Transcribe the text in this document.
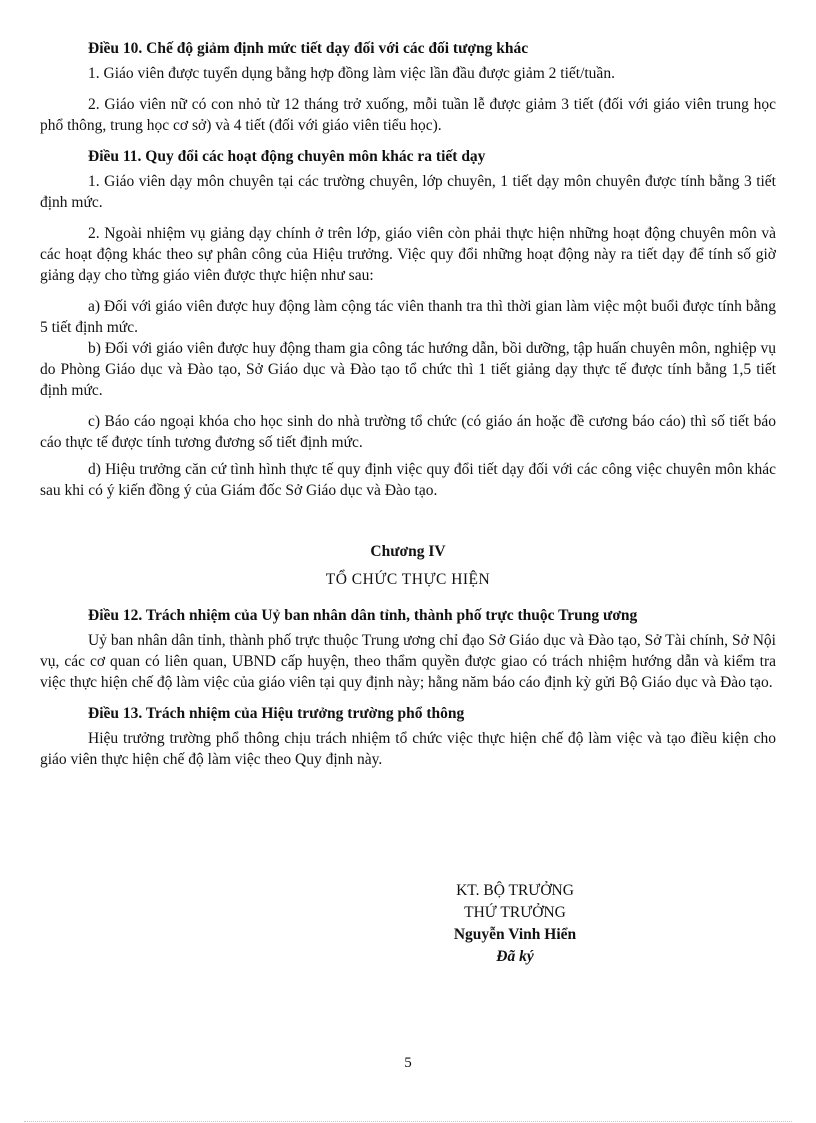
Điều 10. Chế độ giảm định mức tiết dạy đối với các đối tượng khác

1. Giáo viên được tuyển dụng bằng hợp đồng làm việc lần đầu được giảm 2 tiết/tuần.

2. Giáo viên nữ có con nhỏ từ 12 tháng trở xuống, mỗi tuần lễ được giảm 3 tiết (đối với giáo viên trung học phổ thông, trung học cơ sở) và 4 tiết (đối với giáo viên tiểu học).

Điều 11. Quy đổi các hoạt động chuyên môn khác ra tiết dạy

1. Giáo viên dạy môn chuyên tại các trường chuyên, lớp chuyên, 1 tiết dạy môn chuyên được tính bằng 3 tiết định mức.

2. Ngoài nhiệm vụ giảng dạy chính ở trên lớp, giáo viên còn phải thực hiện những hoạt động chuyên môn và các hoạt động khác theo sự phân công của Hiệu trưởng. Việc quy đổi những hoạt động này ra tiết dạy để tính số giờ giảng dạy cho từng giáo viên được thực hiện như sau:

a) Đối với giáo viên được huy động làm cộng tác viên thanh tra thì thời gian làm việc một buổi được tính bằng 5 tiết định mức.

b) Đối với giáo viên được huy động tham gia công tác hướng dẫn, bồi dưỡng, tập huấn chuyên môn, nghiệp vụ do Phòng Giáo dục và Đào tạo, Sở Giáo dục và Đào tạo tổ chức thì 1 tiết giảng dạy thực tế được tính bằng 1,5 tiết định mức.

c) Báo cáo ngoại khóa cho học sinh do nhà trường tổ chức (có giáo án hoặc đề cương báo cáo) thì số tiết báo cáo thực tế được tính tương đương số tiết định mức.

d) Hiệu trưởng căn cứ tình hình thực tế quy định việc quy đổi tiết dạy đối với các công việc chuyên môn khác sau khi có ý kiến đồng ý của Giám đốc Sở Giáo dục và Đào tạo.

Chương IV
TỔ CHỨC THỰC HIỆN
Điều 12. Trách nhiệm của Uỷ ban nhân dân tỉnh, thành phố trực thuộc Trung ương

Uỷ ban nhân dân tỉnh, thành phố trực thuộc Trung ương chỉ đạo Sở Giáo dục và Đào tạo, Sở Tài chính, Sở Nội vụ, các cơ quan có liên quan, UBND cấp huyện, theo thẩm quyền được giao có trách nhiệm hướng dẫn và kiểm tra việc thực hiện chế độ làm việc của giáo viên tại quy định này; hằng năm báo cáo định kỳ gửi Bộ Giáo dục và Đào tạo.

Điều 13. Trách nhiệm của Hiệu trưởng trường phổ thông

Hiệu trưởng trường phổ thông chịu trách nhiệm tổ chức việc thực hiện chế độ làm việc và tạo điều kiện cho giáo viên thực hiện chế độ làm việc theo Quy định này.

KT. BỘ TRƯỞNG
THỨ TRƯỞNG
Nguyễn Vinh Hiển
Đã ký
5
